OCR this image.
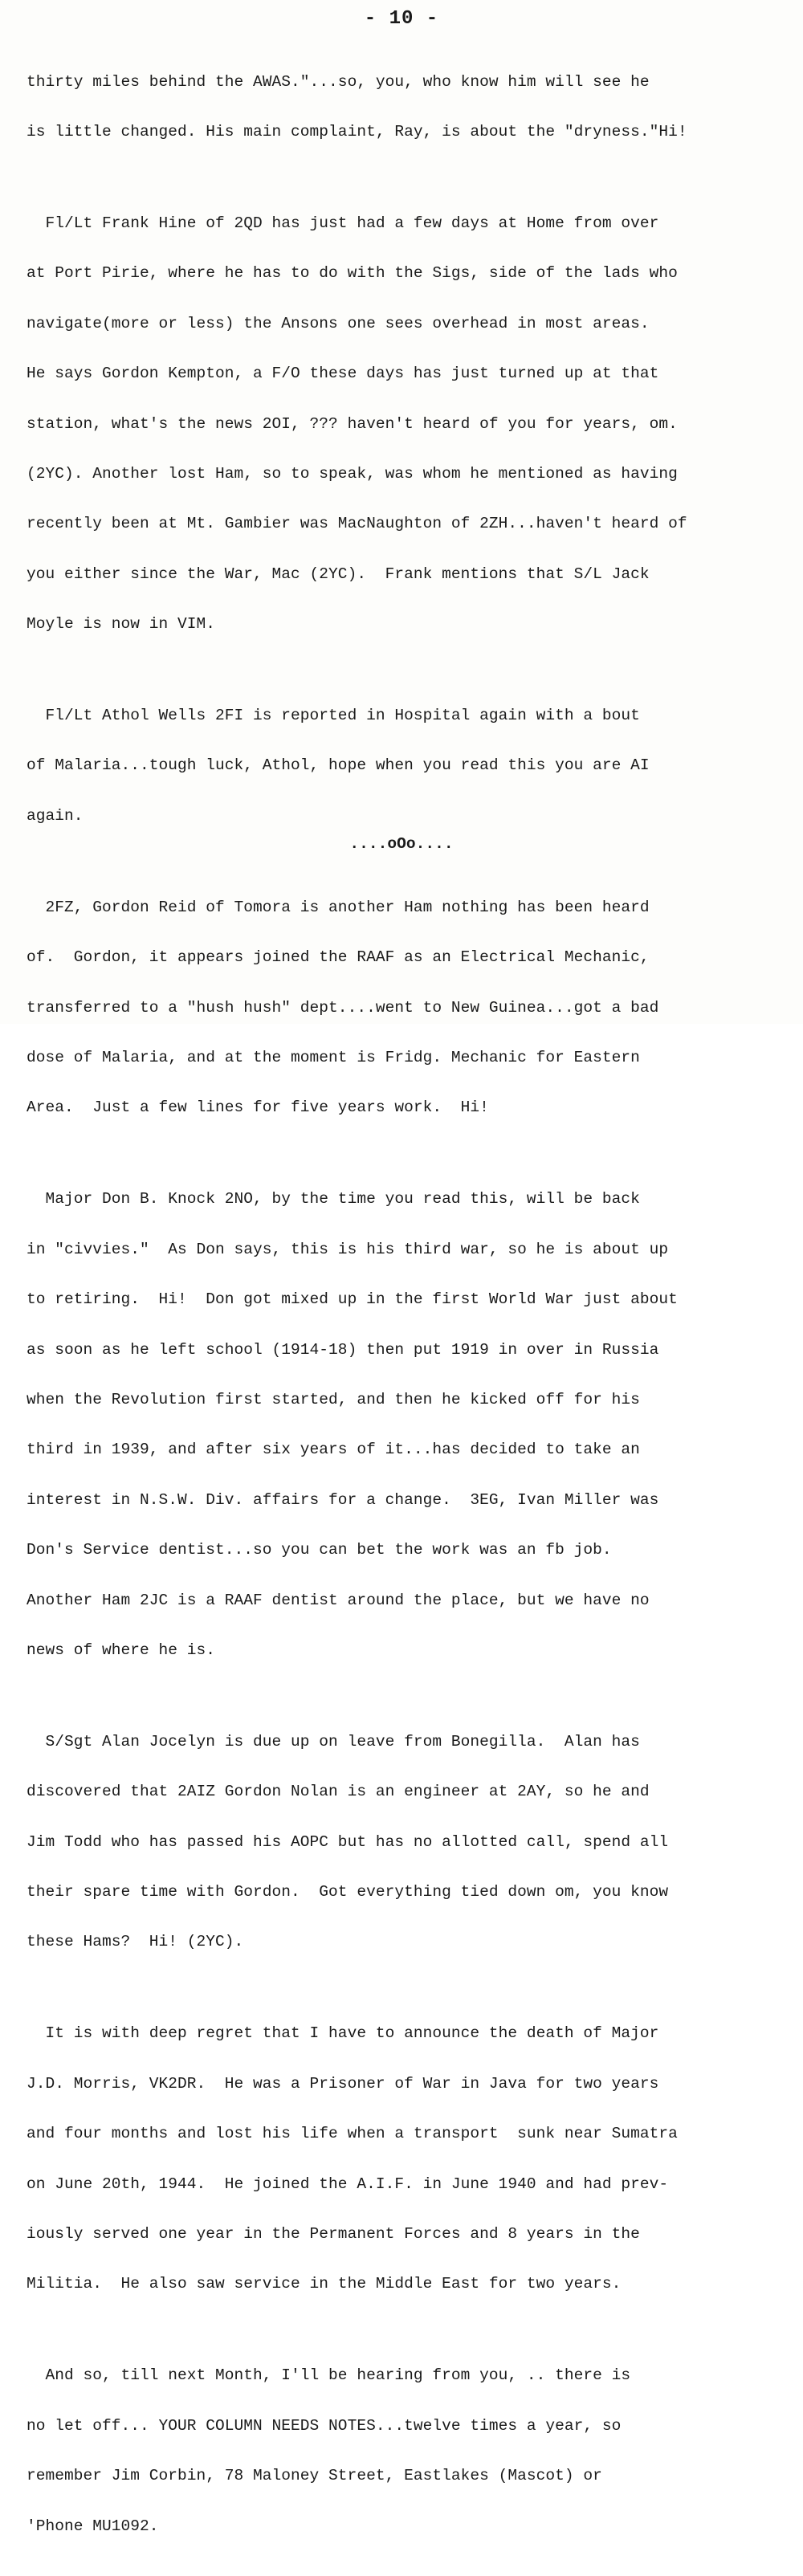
- 10 -

thirty miles behind the AWAS."...so, you, who know him will see he

is little changed. His main complaint, Ray, is about the "dryness."Hi!

Fl/Lt Frank Hine of 2QD has just had a few days at Home from over

at Port Pirie, where he has to do with the Sigs, side of the lads who

navigate(more or less) the Ansons one sees overhead in most areas.

He says Gordon Kempton, a F/O these days has just turned up at that

station, what's the news 2OI, ??? haven't heard of you for years, om.

(2YC). Another lost Ham, so to speak, was whom he mentioned as having

recently been at Mt. Gambier was MacNaughton of 2ZH...haven't heard of

you either since the War, Mac (2YC).  Frank mentions that S/L Jack

Moyle is now in VIM.

Fl/Lt Athol Wells 2FI is reported in Hospital again with a bout

of Malaria...tough luck, Athol, hope when you read this you are AI

again.

2FZ, Gordon Reid of Tomora is another Ham nothing has been heard

of.  Gordon, it appears joined the RAAF as an Electrical Mechanic,

transferred to a "hush hush" dept....went to New Guinea...got a bad

dose of Malaria, and at the moment is Fridg. Mechanic for Eastern

Area.  Just a few lines for five years work.  Hi!

Major Don B. Knock 2NO, by the time you read this, will be back

in "civvies."  As Don says, this is his third war, so he is about up

to retiring.  Hi!  Don got mixed up in the first World War just about

as soon as he left school (1914-18) then put 1919 in over in Russia

when the Revolution first started, and then he kicked off for his

third in 1939, and after six years of it...has decided to take an

interest in N.S.W. Div. affairs for a change.  3EG, Ivan Miller was

Don's Service dentist...so you can bet the work was an fb job.

Another Ham 2JC is a RAAF dentist around the place, but we have no

news of where he is.

S/Sgt Alan Jocelyn is due up on leave from Bonegilla.  Alan has

discovered that 2AIZ Gordon Nolan is an engineer at 2AY, so he and

Jim Todd who has passed his AOPC but has no allotted call, spend all

their spare time with Gordon.  Got everything tied down om, you know

these Hams?  Hi! (2YC).

It is with deep regret that I have to announce the death of Major

J.D. Morris, VK2DR.  He was a Prisoner of War in Java for two years

and four months and lost his life when a transport  sunk near Sumatra

on June 20th, 1944.  He joined the A.I.F. in June 1940 and had prev-

iously served one year in the Permanent Forces and 8 years in the

Militia.  He also saw service in the Middle East for two years.

And so, till next Month, I'll be hearing from you, .. there is

no let off... YOUR COLUMN NEEDS NOTES...twelve times a year, so

remember Jim Corbin, 78 Maloney Street, Eastlakes (Mascot) or

'Phone MU1092.

....oOo....
